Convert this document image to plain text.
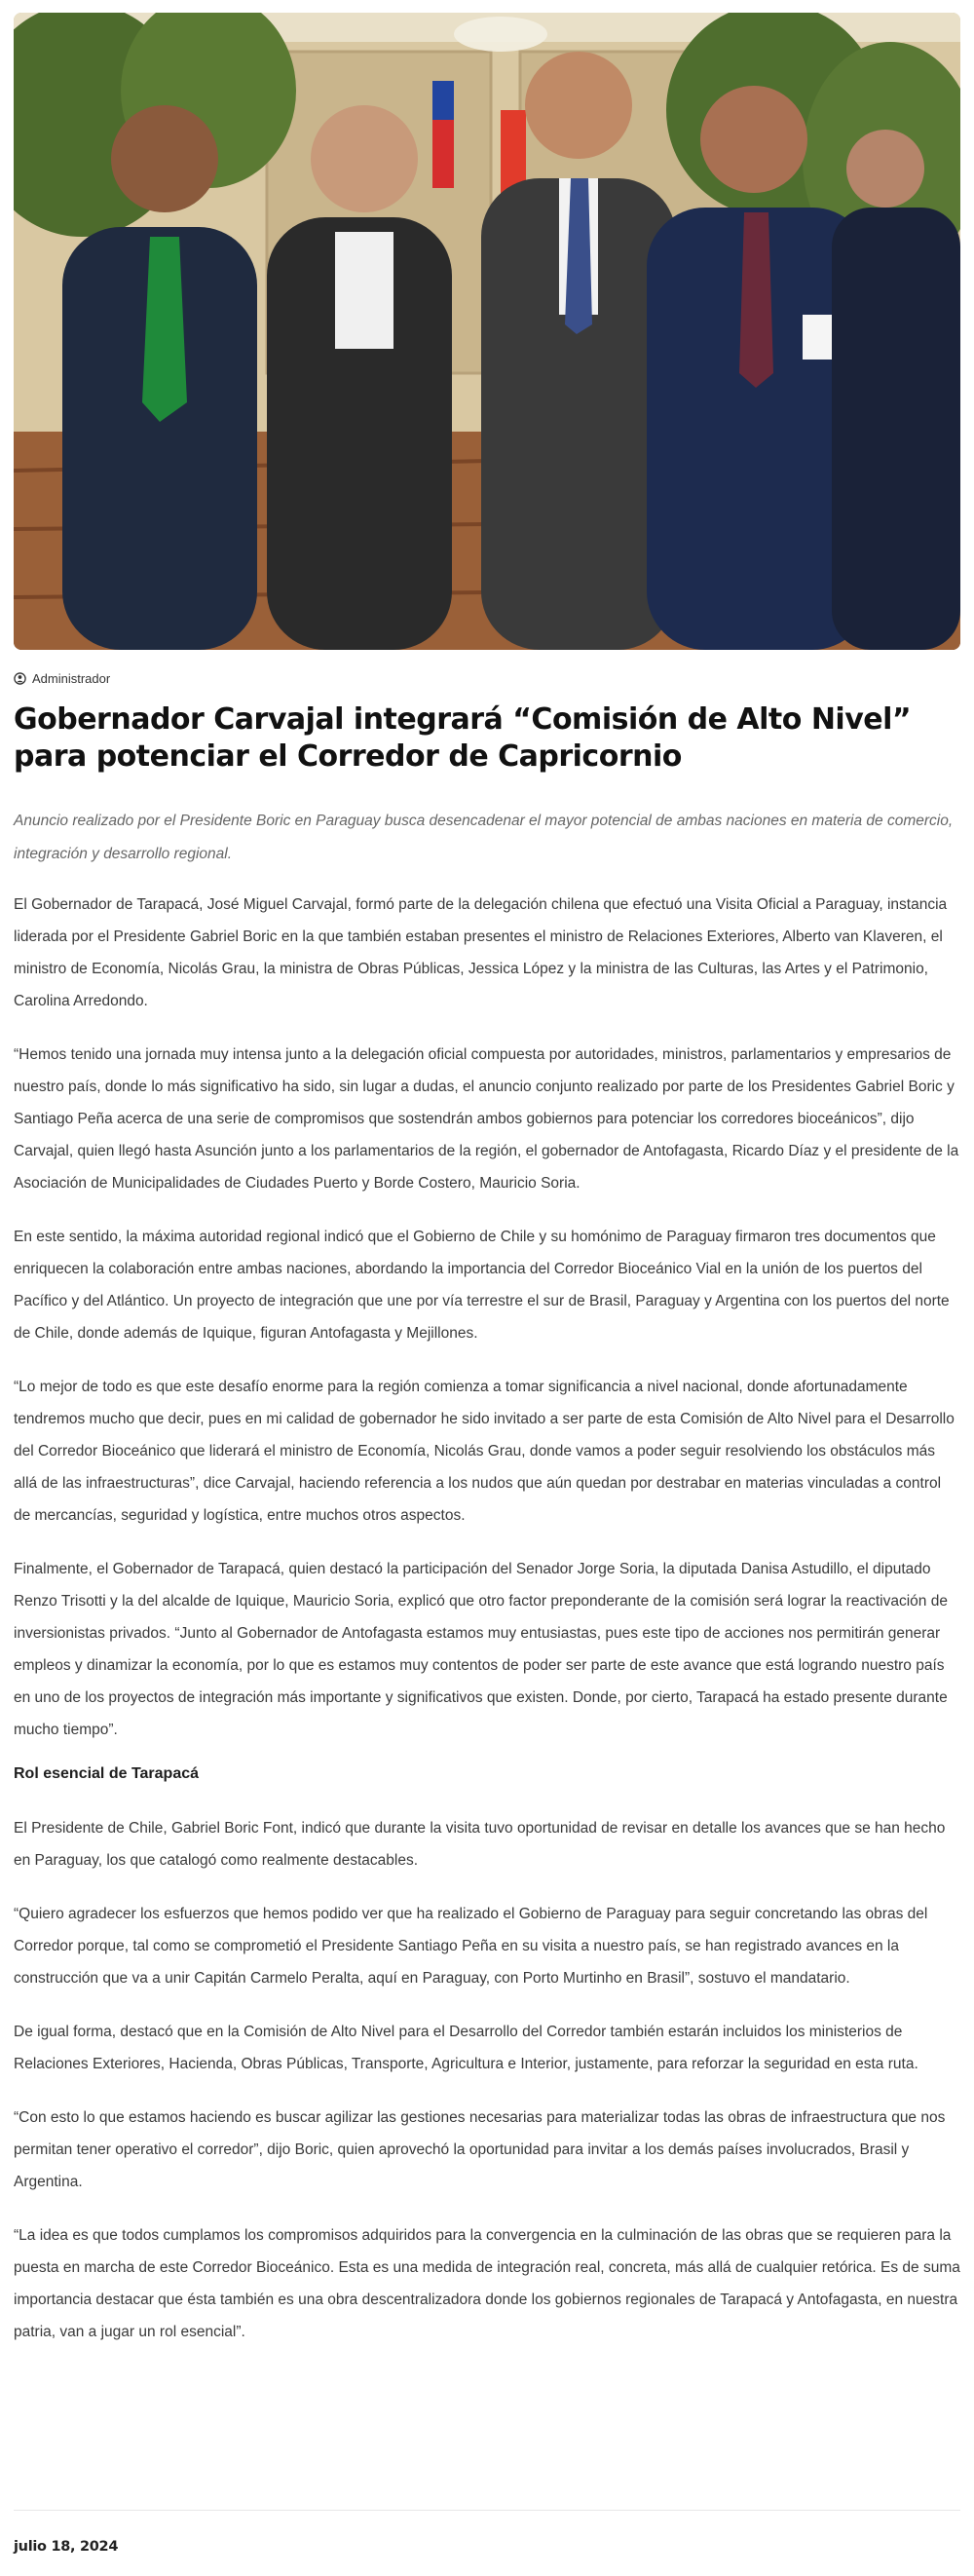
Administrador
Gobernador Carvajal integrará “Comisión de Alto Nivel” para potenciar el Corredor de Capricornio

Anuncio realizado por el Presidente Boric en Paraguay busca desencadenar el mayor potencial de ambas naciones en materia de comercio, integración y desarrollo regional.

El Gobernador de Tarapacá, José Miguel Carvajal, formó parte de la delegación chilena que efectuó una Visita Oficial a Paraguay, instancia liderada por el Presidente Gabriel Boric en la que también estaban presentes el ministro de Relaciones Exteriores, Alberto van Klaveren, el ministro de Economía, Nicolás Grau, la ministra de Obras Públicas, Jessica López y la ministra de las Culturas, las Artes y el Patrimonio, Carolina Arredondo.

“Hemos tenido una jornada muy intensa junto a la delegación oficial compuesta por autoridades, ministros, parlamentarios y empresarios de nuestro país, donde lo más significativo ha sido, sin lugar a dudas, el anuncio conjunto realizado por parte de los Presidentes Gabriel Boric y Santiago Peña acerca de una serie de compromisos que sostendrán ambos gobiernos para potenciar los corredores bioceánicos”, dijo Carvajal, quien llegó hasta Asunción junto a los parlamentarios de la región, el gobernador de Antofagasta, Ricardo Díaz y el presidente de la Asociación de Municipalidades de Ciudades Puerto y Borde Costero, Mauricio Soria.

En este sentido, la máxima autoridad regional indicó que el Gobierno de Chile y su homónimo de Paraguay firmaron tres documentos que enriquecen la colaboración entre ambas naciones, abordando la importancia del Corredor Bioceánico Vial en la unión de los puertos del Pacífico y del Atlántico. Un proyecto de integración que une por vía terrestre el sur de Brasil, Paraguay y Argentina con los puertos del norte de Chile, donde además de Iquique, figuran Antofagasta y Mejillones.

“Lo mejor de todo es que este desafío enorme para la región comienza a tomar significancia a nivel nacional, donde afortunadamente tendremos mucho que decir, pues en mi calidad de gobernador he sido invitado a ser parte de esta Comisión de Alto Nivel para el Desarrollo del Corredor Bioceánico que liderará el ministro de Economía, Nicolás Grau, donde vamos a poder seguir resolviendo los obstáculos más allá de las infraestructuras”, dice Carvajal, haciendo referencia a los nudos que aún quedan por destrabar en materias vinculadas a control de mercancías, seguridad y logística, entre muchos otros aspectos.

Finalmente, el Gobernador de Tarapacá, quien destacó la participación del Senador Jorge Soria, la diputada Danisa Astudillo, el diputado Renzo Trisotti y la del alcalde de Iquique, Mauricio Soria, explicó que otro factor preponderante de la comisión será lograr la reactivación de inversionistas privados. “Junto al Gobernador de Antofagasta estamos muy entusiastas, pues este tipo de acciones nos permitirán generar empleos y dinamizar la economía, por lo que es estamos muy contentos de poder ser parte de este avance que está logrando nuestro país en uno de los proyectos de integración más importante y significativos que existen. Donde, por cierto, Tarapacá ha estado presente durante mucho tiempo”.

Rol esencial de Tarapacá

El Presidente de Chile, Gabriel Boric Font, indicó que durante la visita tuvo oportunidad de revisar en detalle los avances que se han hecho en Paraguay, los que catalogó como realmente destacables.

“Quiero agradecer los esfuerzos que hemos podido ver que ha realizado el Gobierno de Paraguay para seguir concretando las obras del Corredor porque, tal como se comprometió el Presidente Santiago Peña en su visita a nuestro país, se han registrado avances en la construcción que va a unir Capitán Carmelo Peralta, aquí en Paraguay, con Porto Murtinho en Brasil”, sostuvo el mandatario.

De igual forma, destacó que en la Comisión de Alto Nivel para el Desarrollo del Corredor también estarán incluidos los ministerios de Relaciones Exteriores, Hacienda, Obras Públicas, Transporte, Agricultura e Interior, justamente, para reforzar la seguridad en esta ruta.

“Con esto lo que estamos haciendo es buscar agilizar las gestiones necesarias para materializar todas las obras de infraestructura que nos permitan tener operativo el corredor”, dijo Boric, quien aprovechó la oportunidad para invitar a los demás países involucrados, Brasil y Argentina.

“La idea es que todos cumplamos los compromisos adquiridos para la convergencia en la culminación de las obras que se requieren para la puesta en marcha de este Corredor Bioceánico. Esta es una medida de integración real, concreta, más allá de cualquier retórica. Es de suma importancia destacar que ésta también es una obra descentralizadora donde los gobiernos regionales de Tarapacá y Antofagasta, en nuestra patria, van a jugar un rol esencial”.

julio 18, 2024
